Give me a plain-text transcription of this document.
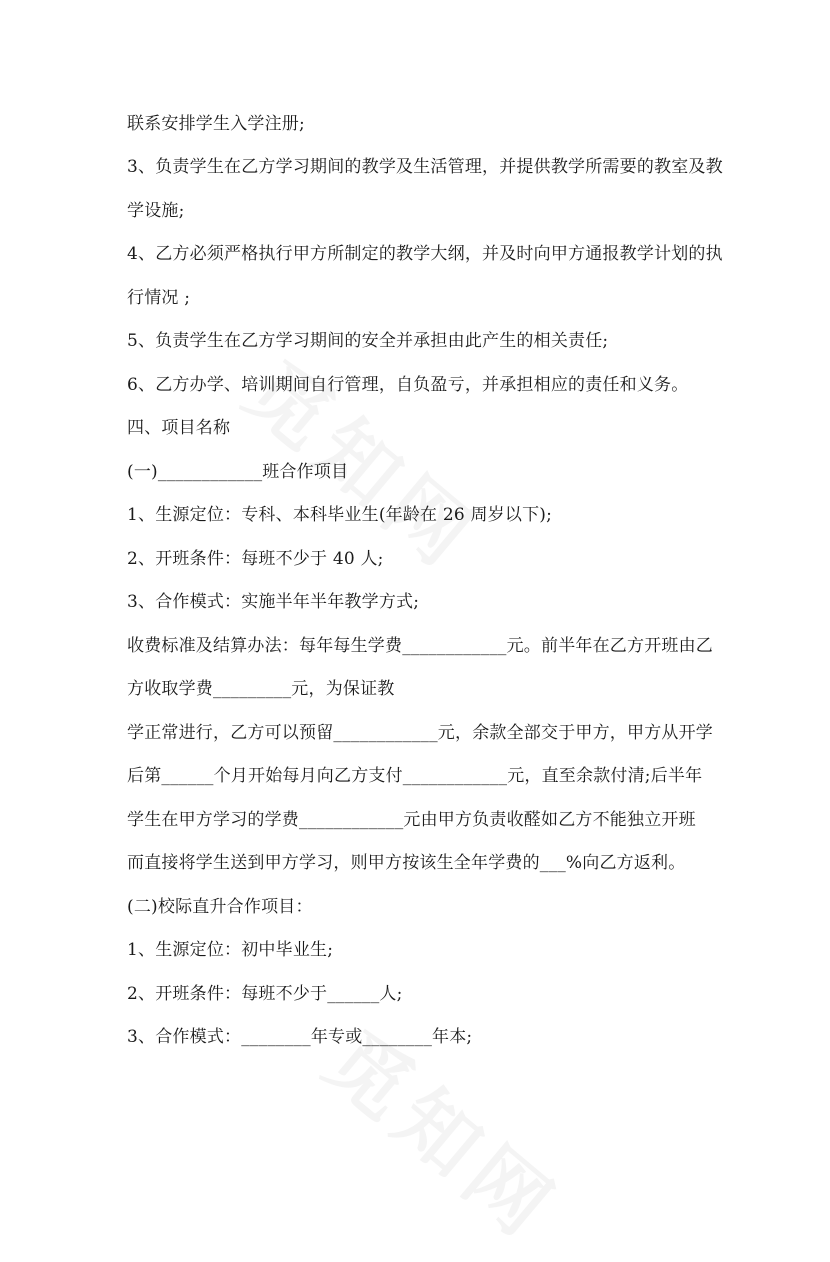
联系安排学生入学注册;
3、负责学生在乙方学习期间的教学及生活管理，并提供教学所需要的教室及教
学设施;
4、乙方必须严格执行甲方所制定的教学大纲，并及时向甲方通报教学计划的执
行情况 ;
5、负责学生在乙方学习期间的安全并承担由此产生的相关责任;
6、乙方办学、培训期间自行管理，自负盈亏，并承担相应的责任和义务。
四、项目名称
(一)____________班合作项目
1、生源定位：专科、本科毕业生(年龄在 26 周岁以下);
2、开班条件：每班不少于 40 人;
3、合作模式：实施半年半年教学方式;
收费标准及结算办法：每年每生学费____________元。前半年在乙方开班由乙
方收取学费_________元，为保证教
学正常进行，乙方可以预留____________元，余款全部交于甲方，甲方从开学
后第______个月开始每月向乙方支付____________元，直至余款付清;后半年
学生在甲方学习的学费____________元由甲方负责收醛如乙方不能独立开班
而直接将学生送到甲方学习，则甲方按该生全年学费的___%向乙方返利。
(二)校际直升合作项目：
1、生源定位：初中毕业生;
2、开班条件：每班不少于______人;
3、合作模式：________年专或________年本;
